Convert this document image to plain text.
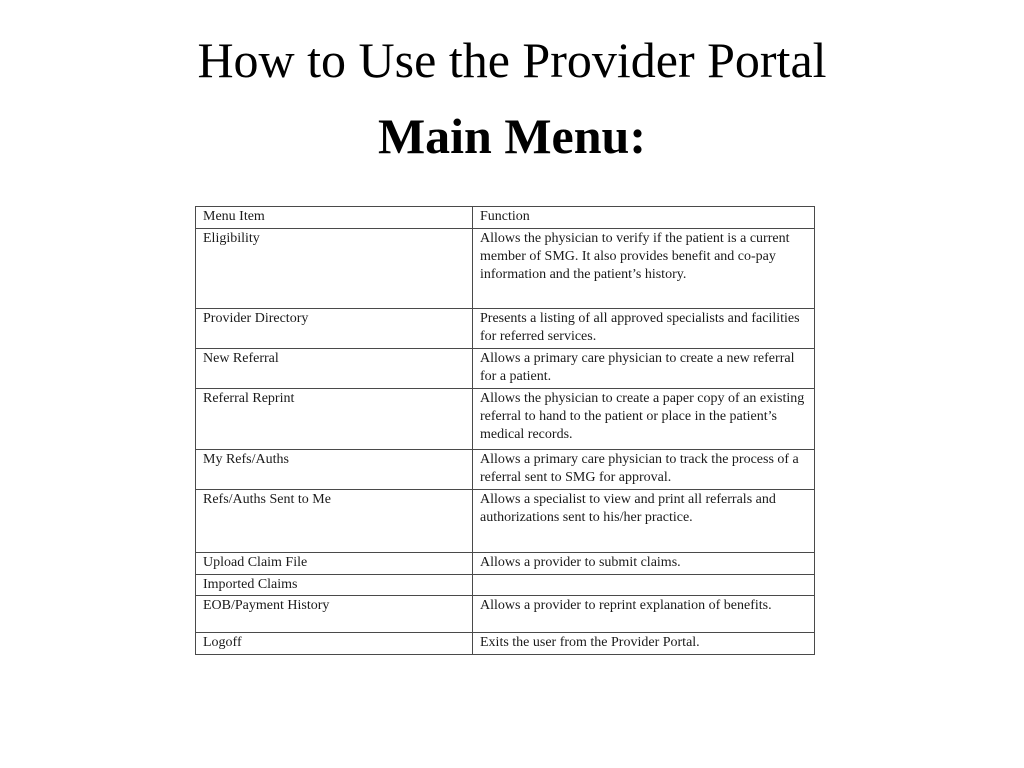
How to Use the Provider Portal
Main Menu:
Menu Item	Function
Eligibility	Allows the physician to verify if the patient is a current member of SMG. It also provides benefit and co-pay information and the patient’s history.
Provider Directory	Presents a listing of all approved specialists and facilities for referred services.
New Referral	Allows a primary care physician to create a new referral for a patient.
Referral Reprint	Allows the physician to create a paper copy of an existing referral to hand to the patient or place in the patient’s medical records.
My Refs/Auths	Allows a primary care physician to track the process of a referral sent to SMG for approval.
Refs/Auths Sent to Me	Allows a specialist to view and print all referrals and authorizations sent to his/her practice.
Upload Claim File	Allows a provider to submit claims.
Imported Claims	
EOB/Payment History	Allows a provider to reprint explanation of benefits.
Logoff	Exits the user from the Provider Portal.
